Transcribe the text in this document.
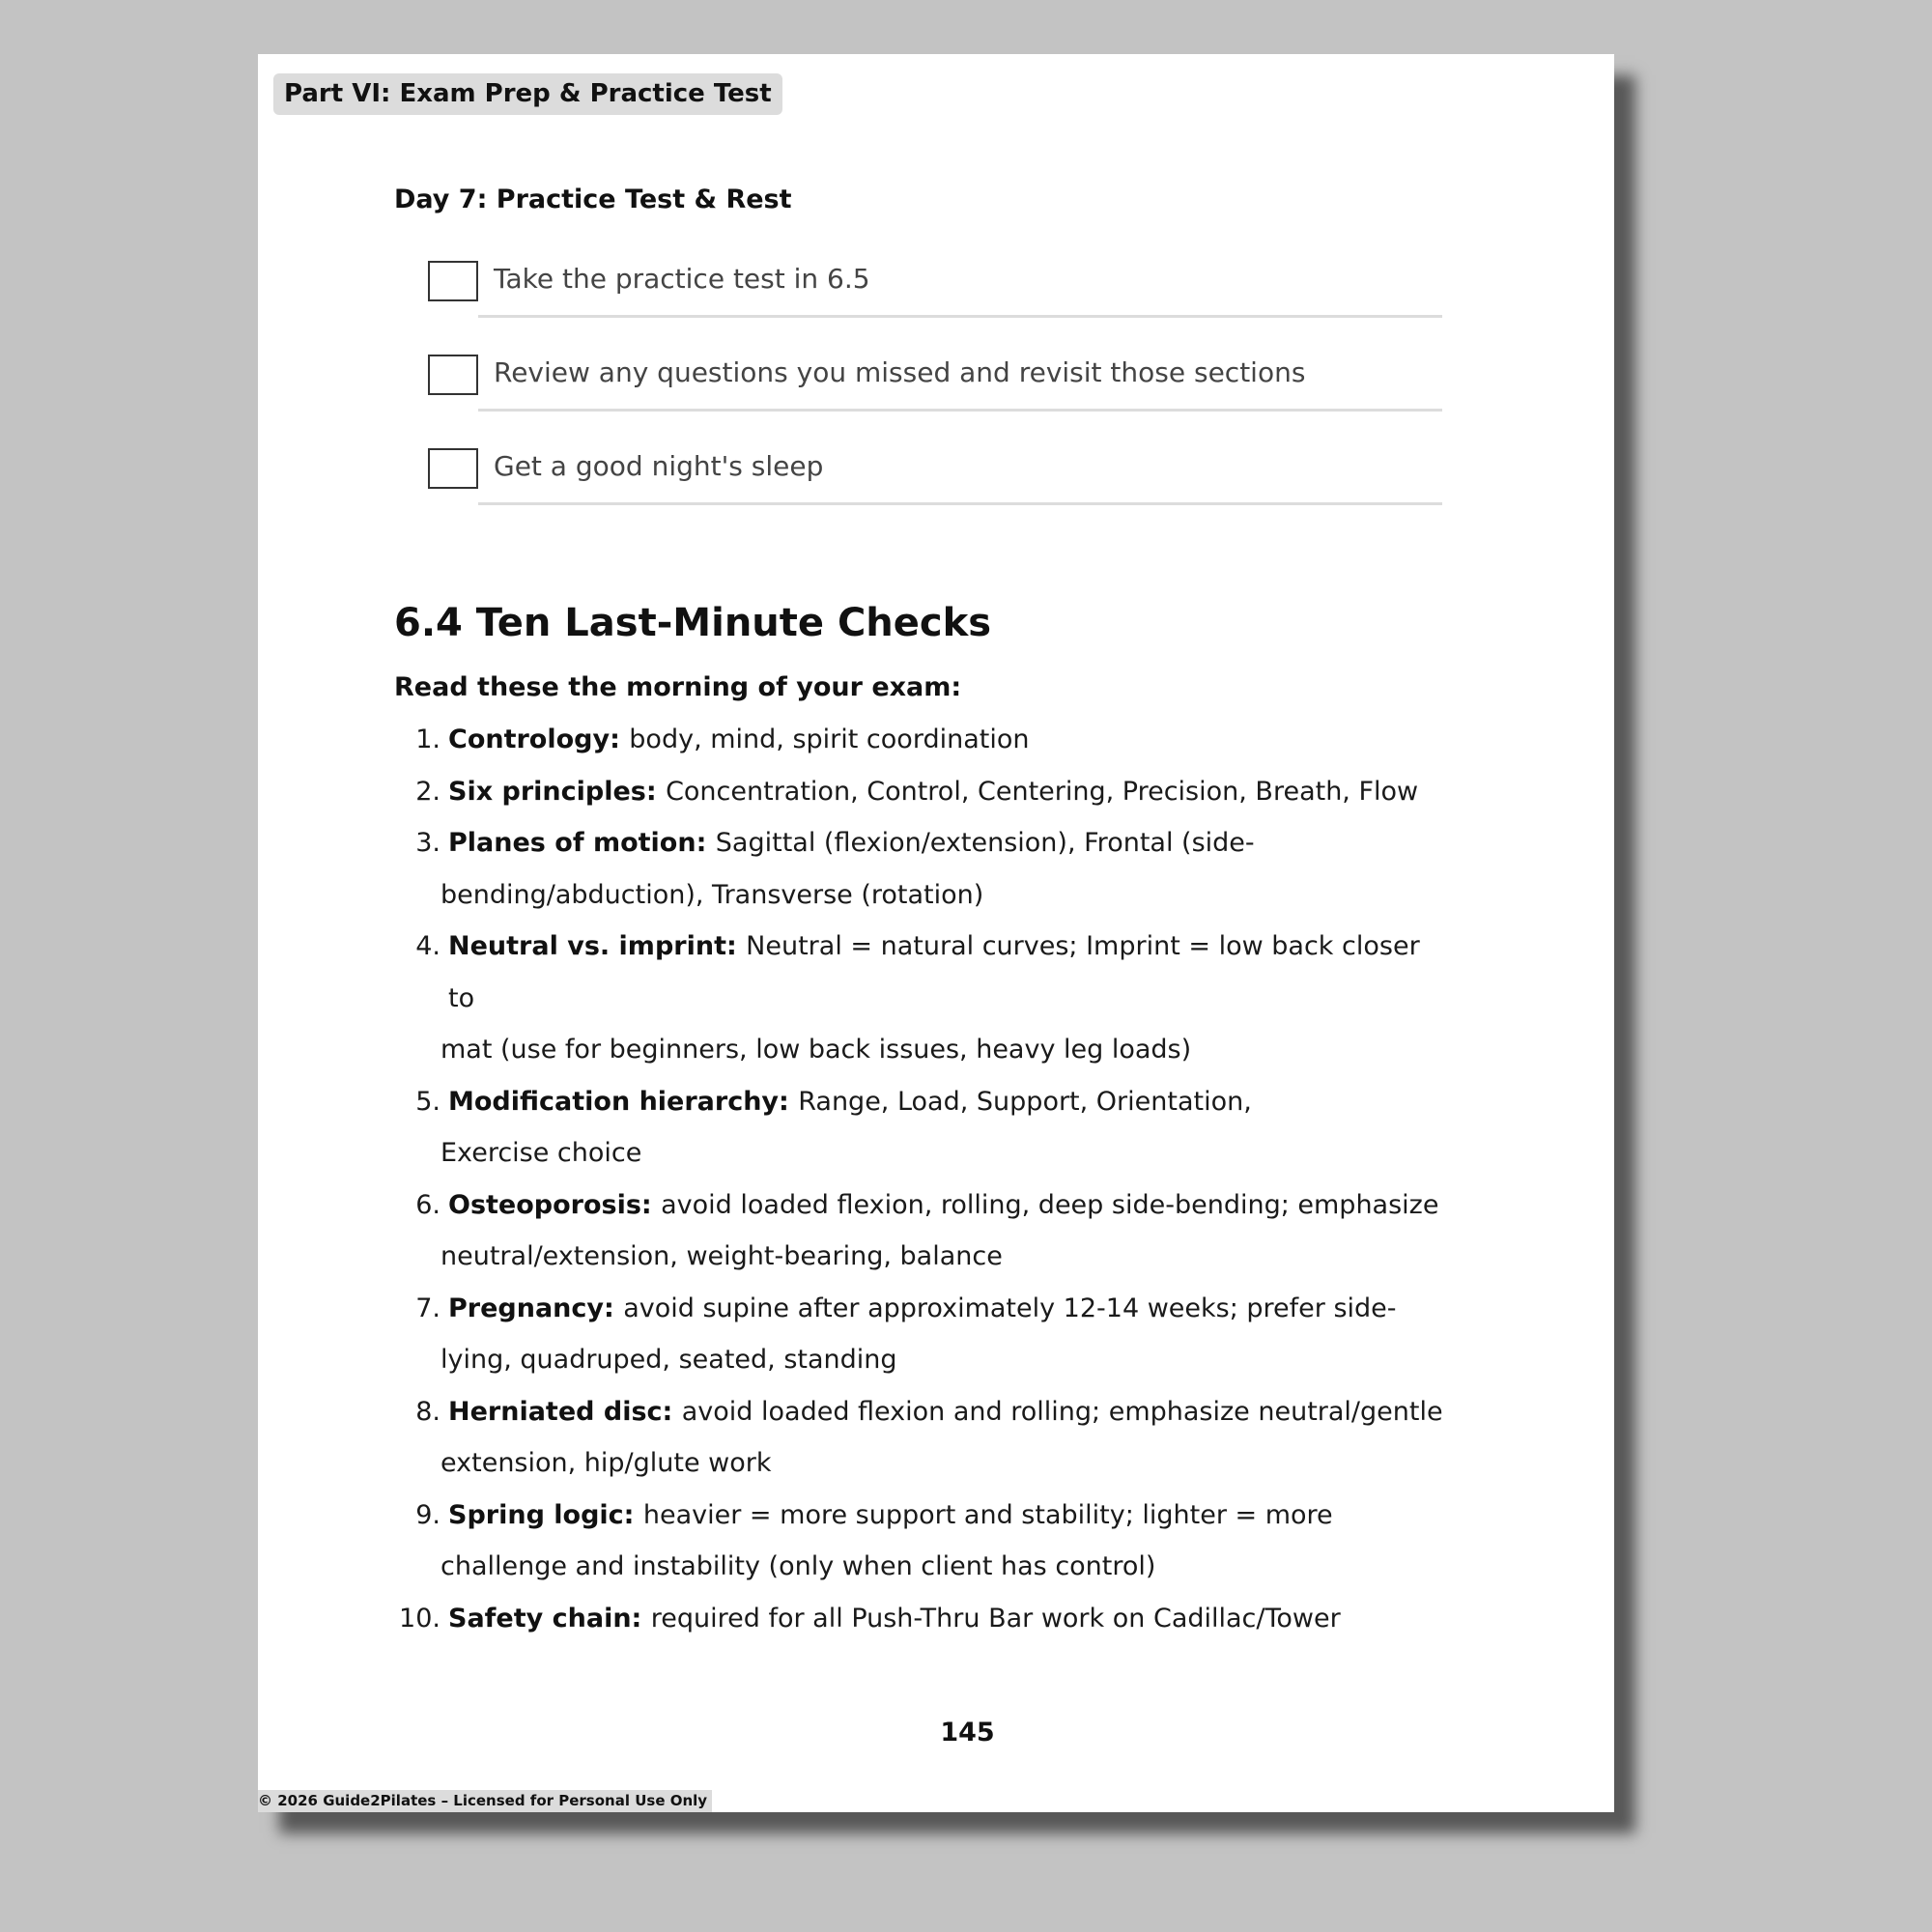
Part VI: Exam Prep & Practice Test
Day 7: Practice Test & Rest
Take the practice test in 6.5
Review any questions you missed and revisit those sections
Get a good night's sleep
6.4 Ten Last-Minute Checks
Read these the morning of your exam:
1. Contrology: body, mind, spirit coordination
2. Six principles: Concentration, Control, Centering, Precision, Breath, Flow
3. Planes of motion: Sagittal (flexion/extension), Frontal (side-
bending/abduction), Transverse (rotation)
4. Neutral vs. imprint: Neutral = natural curves; Imprint = low back closer to
mat (use for beginners, low back issues, heavy leg loads)
5. Modification hierarchy: Range, Load, Support, Orientation,
Exercise choice
6. Osteoporosis: avoid loaded flexion, rolling, deep side-bending; emphasize
neutral/extension, weight-bearing, balance
7. Pregnancy: avoid supine after approximately 12-14 weeks; prefer side-
lying, quadruped, seated, standing
8. Herniated disc: avoid loaded flexion and rolling; emphasize neutral/gentle
extension, hip/glute work
9. Spring logic: heavier = more support and stability; lighter = more
challenge and instability (only when client has control)
10. Safety chain: required for all Push-Thru Bar work on Cadillac/Tower
145
© 2026 Guide2Pilates – Licensed for Personal Use Only
